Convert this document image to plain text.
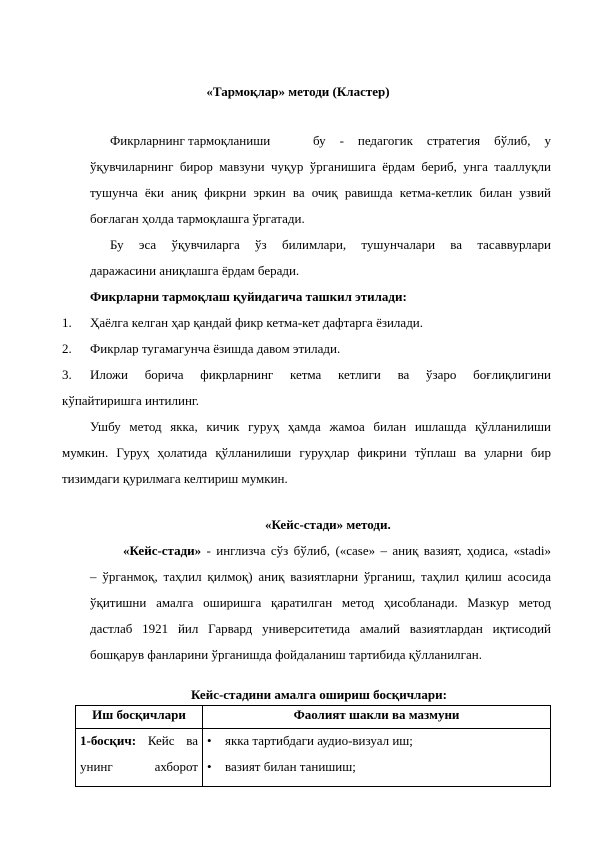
«Тармоқлар» методи (Кластер)
Фикрларнинг тармоқланиши	бу - педагогик стратегия бўлиб, у
ўқувчиларнинг бирор мавзуни чуқур ўрганишига ёрдам бериб, унга тааллуқли
тушунча ёки аниқ фикрни эркин ва очиқ равишда кетма-кетлик билан узвий
боғлаган ҳолда тармоқлашга ўргатади.
Бу эса ўқувчиларга ўз билимлари, тушунчалари ва тасаввурлари
даражасини аниқлашга ёрдам беради.
Фикрларни тармоқлаш қуйидагича ташкил этилади:
1. Ҳаёлга келган ҳар қандай фикр кетма-кет дафтарга ёзилади.
2. Фикрлар тугамагунча ёзишда давом этилади.
3. Иложи борича фикрларнинг кетма кетлиги ва ўзаро боғлиқлигини
кўпайтиришга интилинг.
Ушбу метод якка, кичик гуруҳ ҳамда жамоа билан ишлашда қўлланилиши
мумкин. Гуруҳ ҳолатида қўлланилиши гуруҳлар фикрини тўплаш ва уларни бир
тизимдаги қурилмага келтириш мумкин.
«Кейс-стади» методи.
«Кейс-стади» - инглизча сўз бўлиб, («case» – аниқ вазият, ҳодиса, «stadi»
– ўрганмоқ, таҳлил қилмоқ) аниқ вазиятларни ўрганиш, таҳлил қилиш асосида
ўқитишни амалга оширишга қаратилган метод ҳисобланади. Мазкур метод
дастлаб 1921 йил Гарвард университетида амалий вазиятлардан иқтисодий
бошқарув фанларини ўрганишда фойдаланиш тартибида қўлланилган.
Кейс-стадини амалга ошириш босқичлари:
Иш босқичлари	Фаолият шакли ва мазмуни

1-босқич: Кейс ва
унинг ахборот	• якка тартибдаги аудио-визуал иш;
• вазият билан танишиш;
